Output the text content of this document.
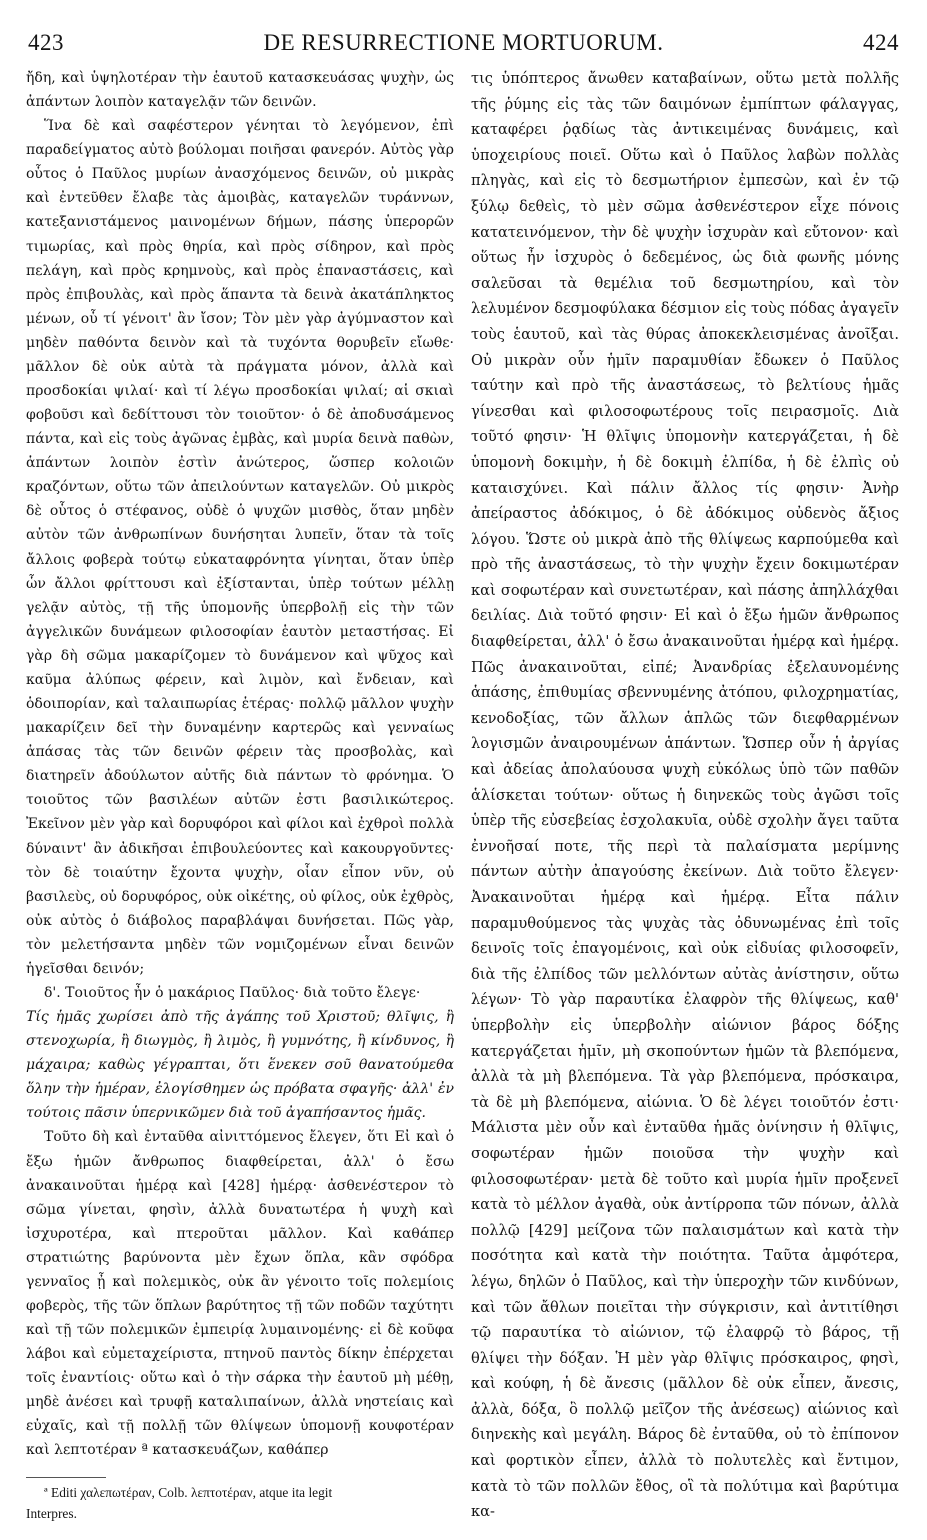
423	DE RESURRECTIONE MORTUORUM.	424

ἤδη, καὶ ὑψηλοτέραν τὴν ἑαυτοῦ κατασκευάσας ψυχὴν, ὡς ἁπάντων λοιπὸν καταγελᾷν τῶν δεινῶν.

Ἵνα δὲ καὶ σαφέστερον γένηται τὸ λεγόμενον, ἐπὶ παραδείγματος αὐτὸ βούλομαι ποιῆσαι φανερόν. Αὐτὸς γὰρ οὗτος ὁ Παῦλος μυρίων ἀνασχόμενος δεινῶν, οὐ μικρὰς καὶ ἐντεῦθεν ἔλαβε τὰς ἀμοιβὰς, καταγελῶν τυράννων, κατεξανιστάμενος μαινομένων δήμων, πάσης ὑπερορῶν τιμωρίας, καὶ πρὸς θηρία, καὶ πρὸς σίδηρον, καὶ πρὸς πελάγη, καὶ πρὸς κρημνοὺς, καὶ πρὸς ἐπαναστάσεις, καὶ πρὸς ἐπιβουλὰς, καὶ πρὸς ἅπαντα τὰ δεινὰ ἀκατάπληκτος μένων, οὗ τί γένοιτ' ἂν ἴσον; Τὸν μὲν γὰρ ἀγύμναστον καὶ μηδὲν παθόντα δεινὸν καὶ τὰ τυχόντα θορυβεῖν εἴωθε· μᾶλλον δὲ οὐκ αὐτὰ τὰ πράγματα μόνον, ἀλλὰ καὶ προσδοκίαι ψιλαί· καὶ τί λέγω προσδοκίαι ψιλαί; αἱ σκιαὶ φοβοῦσι καὶ δεδίττουσι τὸν τοιοῦτον· ὁ δὲ ἀποδυσάμενος πάντα, καὶ εἰς τοὺς ἀγῶνας ἐμβὰς, καὶ μυρία δεινὰ παθὼν, ἁπάντων λοιπὸν ἐστὶν ἀνώτερος, ὥσπερ κολοιῶν κραζόντων, οὕτω τῶν ἀπειλούντων καταγελῶν. Οὐ μικρὸς δὲ οὗτος ὁ στέφανος, οὐδὲ ὁ ψυχῶν μισθὸς, ὅταν μηδὲν αὐτὸν τῶν ἀνθρωπίνων δυνήσηται λυπεῖν, ὅταν τὰ τοῖς ἄλλοις φοβερὰ τούτῳ εὐκαταφρόνητα γίνηται, ὅταν ὑπὲρ ὧν ἄλλοι φρίττουσι καὶ ἐξίστανται, ὑπὲρ τούτων μέλλῃ γελᾷν αὐτὸς, τῇ τῆς ὑπομονῆς ὑπερβολῇ εἰς τὴν τῶν ἀγγελικῶν δυνάμεων φιλοσοφίαν ἑαυτὸν μεταστήσας. Εἰ γὰρ δὴ σῶμα μακαρίζομεν τὸ δυνάμενον καὶ ψῦχος καὶ καῦμα ἀλύπως φέρειν, καὶ λιμὸν, καὶ ἔνδειαν, καὶ ὁδοιπορίαν, καὶ ταλαιπωρίας ἑτέρας· πολλῷ μᾶλλον ψυχὴν μακαρίζειν δεῖ τὴν δυναμένην καρτερῶς καὶ γενναίως ἁπάσας τὰς τῶν δεινῶν φέρειν τὰς προσβολὰς, καὶ διατηρεῖν ἀδούλωτον αὐτῆς διὰ πάντων τὸ φρόνημα. Ὁ τοιοῦτος τῶν βασιλέων αὐτῶν ἐστι βασιλικώτερος. Ἐκεῖνον μὲν γὰρ καὶ δορυφόροι καὶ φίλοι καὶ ἐχθροὶ πολλὰ δύναιντ' ἂν ἀδικῆσαι ἐπιβουλεύοντες καὶ κακουργοῦντες· τὸν δὲ τοιαύτην ἔχοντα ψυχὴν, οἷαν εἶπον νῦν, οὐ βασιλεὺς, οὐ δορυφόρος, οὐκ οἰκέτης, οὐ φίλος, οὐκ ἐχθρὸς, οὐκ αὐτὸς ὁ διάβολος παραβλάψαι δυνήσεται. Πῶς γὰρ, τὸν μελετήσαντα μηδὲν τῶν νομιζομένων εἶναι δεινῶν ἡγεῖσθαι δεινόν;

δ'. Τοιοῦτος ἦν ὁ μακάριος Παῦλος· διὰ τοῦτο ἔλεγε·

Τίς ἡμᾶς χωρίσει ἀπὸ τῆς ἀγάπης τοῦ Χριστοῦ; θλῖψις, ἢ στενοχωρία, ἢ διωγμὸς, ἢ λιμὸς, ἢ γυμνότης, ἢ κίνδυνος, ἢ μάχαιρα; καθὼς γέγραπται, ὅτι ἕνεκεν σοῦ θανατούμεθα ὅλην τὴν ἡμέραν, ἐλογίσθημεν ὡς πρόβατα σφαγῆς· ἀλλ' ἐν τούτοις πᾶσιν ὑπερνικῶμεν διὰ τοῦ ἀγαπήσαντος ἡμᾶς.

Τοῦτο δὴ καὶ ἐνταῦθα αἰνιττόμενος ἔλεγεν, ὅτι Εἰ καὶ ὁ ἔξω ἡμῶν ἄνθρωπος διαφθείρεται, ἀλλ' ὁ ἔσω ἀνακαινοῦται ἡμέρᾳ καὶ [428] ἡμέρᾳ· ἀσθενέστερον τὸ σῶμα γίνεται, φησὶν, ἀλλὰ δυνατωτέρα ἡ ψυχὴ καὶ ἰσχυροτέρα, καὶ πτεροῦται μᾶλλον. Καὶ καθάπερ στρατιώτης βαρύνοντα μὲν ἔχων ὅπλα, κἂν σφόδρα γενναῖος ᾖ καὶ πολεμικὸς, οὐκ ἂν γένοιτο τοῖς πολεμίοις φοβερὸς, τῆς τῶν ὅπλων βαρύτητος τῇ τῶν ποδῶν ταχύτητι καὶ τῇ τῶν πολεμικῶν ἐμπειρίᾳ λυμαινομένης· εἰ δὲ κοῦφα λάβοι καὶ εὐμεταχείριστα, πτηνοῦ παντὸς δίκην ἐπέρχεται τοῖς ἐναντίοις· οὕτω καὶ ὁ τὴν σάρκα τὴν ἑαυτοῦ μὴ μέθῃ, μηδὲ ἀνέσει καὶ τρυφῇ καταλιπαίνων, ἀλλὰ νηστείαις καὶ εὐχαῖς, καὶ τῇ πολλῇ τῶν θλίψεων ὑπομονῇ κουφοτέραν καὶ λεπτοτέραν ª κατασκευάζων, καθάπερ

τις ὑπόπτερος ἄνωθεν καταβαίνων, οὕτω μετὰ πολλῆς τῆς ῥύμης εἰς τὰς τῶν δαιμόνων ἐμπίπτων φάλαγγας, καταφέρει ῥᾳδίως τὰς ἀντικειμένας δυνάμεις, καὶ ὑποχειρίους ποιεῖ. Οὕτω καὶ ὁ Παῦλος λαβὼν πολλὰς πληγὰς, καὶ εἰς τὸ δεσμωτήριον ἐμπεσὼν, καὶ ἐν τῷ ξύλῳ δεθεὶς, τὸ μὲν σῶμα ἀσθενέστερον εἶχε πόνοις κατατεινόμενον, τὴν δὲ ψυχὴν ἰσχυρὰν καὶ εὔτονον· καὶ οὕτως ἦν ἰσχυρὸς ὁ δεδεμένος, ὡς διὰ φωνῆς μόνης σαλεῦσαι τὰ θεμέλια τοῦ δεσμωτηρίου, καὶ τὸν λελυμένον δεσμοφύλακα δέσμιον εἰς τοὺς πόδας ἀγαγεῖν τοὺς ἑαυτοῦ, καὶ τὰς θύρας ἀποκεκλεισμένας ἀνοῖξαι. Οὐ μικρὰν οὖν ἡμῖν παραμυθίαν ἔδωκεν ὁ Παῦλος ταύτην καὶ πρὸ τῆς ἀναστάσεως, τὸ βελτίους ἡμᾶς γίνεσθαι καὶ φιλοσοφωτέρους τοῖς πειρασμοῖς. Διὰ τοῦτό φησιν· Ἡ θλῖψις ὑπομονὴν κατεργάζεται, ἡ δὲ ὑπομονὴ δοκιμὴν, ἡ δὲ δοκιμὴ ἐλπίδα, ἡ δὲ ἐλπὶς οὐ καταισχύνει. Καὶ πάλιν ἄλλος τίς φησιν· Ἀνὴρ ἀπείραστος ἀδόκιμος, ὁ δὲ ἀδόκιμος οὐδενὸς ἄξιος λόγου. Ὥστε οὐ μικρὰ ἀπὸ τῆς θλίψεως καρπούμεθα καὶ πρὸ τῆς ἀναστάσεως, τὸ τὴν ψυχὴν ἔχειν δοκιμωτέραν καὶ σοφωτέραν καὶ συνετωτέραν, καὶ πάσης ἀπηλλάχθαι δειλίας. Διὰ τοῦτό φησιν· Εἰ καὶ ὁ ἔξω ἡμῶν ἄνθρωπος διαφθείρεται, ἀλλ' ὁ ἔσω ἀνακαινοῦται ἡμέρᾳ καὶ ἡμέρᾳ. Πῶς ἀνακαινοῦται, εἰπέ; Ἀνανδρίας ἐξελαυνομένης ἁπάσης, ἐπιθυμίας σβεννυμένης ἀτόπου, φιλοχρηματίας, κενοδοξίας, τῶν ἄλλων ἁπλῶς τῶν διεφθαρμένων λογισμῶν ἀναιρουμένων ἁπάντων. Ὥσπερ οὖν ἡ ἀργίας καὶ ἀδείας ἀπολαύουσα ψυχὴ εὐκόλως ὑπὸ τῶν παθῶν ἁλίσκεται τούτων· οὕτως ἡ διηνεκῶς τοὺς ἀγῶσι τοῖς ὑπὲρ τῆς εὐσεβείας ἐσχολακυῖα, οὐδὲ σχολὴν ἄγει ταῦτα ἐννοῆσαί ποτε, τῆς περὶ τὰ παλαίσματα μερίμνης πάντων αὐτὴν ἀπαγούσης ἐκείνων. Διὰ τοῦτο ἔλεγεν· Ἀνακαινοῦται ἡμέρᾳ καὶ ἡμέρᾳ. Εἶτα πάλιν παραμυθούμενος τὰς ψυχὰς τὰς ὀδυνωμένας ἐπὶ τοῖς δεινοῖς τοῖς ἐπαγομένοις, καὶ οὐκ εἰδυίας φιλοσοφεῖν, διὰ τῆς ἐλπίδος τῶν μελλόντων αὐτὰς ἀνίστησιν, οὕτω λέγων· Τὸ γὰρ παραυτίκα ἐλαφρὸν τῆς θλίψεως, καθ' ὑπερβολὴν εἰς ὑπερβολὴν αἰώνιον βάρος δόξης κατεργάζεται ἡμῖν, μὴ σκοπούντων ἡμῶν τὰ βλεπόμενα, ἀλλὰ τὰ μὴ βλεπόμενα. Τὰ γὰρ βλεπόμενα, πρόσκαιρα, τὰ δὲ μὴ βλεπόμενα, αἰώνια. Ὁ δὲ λέγει τοιοῦτόν ἐστι· Μάλιστα μὲν οὖν καὶ ἐνταῦθα ἡμᾶς ὀνίνησιν ἡ θλῖψις, σοφωτέραν ἡμῶν ποιοῦσα τὴν ψυχὴν καὶ φιλοσοφωτέραν· μετὰ δὲ τοῦτο καὶ μυρία ἡμῖν προξενεῖ κατὰ τὸ μέλλον ἀγαθὰ, οὐκ ἀντίρροπα τῶν πόνων, ἀλλὰ πολλῷ [429] μείζονα τῶν παλαισμάτων καὶ κατὰ τὴν ποσότητα καὶ κατὰ τὴν ποιότητα. Ταῦτα ἀμφότερα, λέγω, δηλῶν ὁ Παῦλος, καὶ τὴν ὑπεροχὴν τῶν κινδύνων, καὶ τῶν ἄθλων ποιεῖται τὴν σύγκρισιν, καὶ ἀντιτίθησι τῷ παραυτίκα τὸ αἰώνιον, τῷ ἐλαφρῷ τὸ βάρος, τῇ θλίψει τὴν δόξαν. Ἡ μὲν γὰρ θλῖψις πρόσκαιρος, φησὶ, καὶ κούφη, ἡ δὲ ἄνεσις (μᾶλλον δὲ οὐκ εἶπεν, ἄνεσις, ἀλλὰ, δόξα, ὃ πολλῷ μεῖζον τῆς ἀνέσεως) αἰώνιος καὶ διηνεκὴς καὶ μεγάλη. Βάρος δὲ ἐνταῦθα, οὐ τὸ ἐπίπονον καὶ φορτικὸν εἶπεν, ἀλλὰ τὸ πολυτελὲς καὶ ἔντιμον, κατὰ τὸ τῶν πολλῶν ἔθος, οἳ τὰ πολύτιμα καὶ βαρύτιμα κα-

ª Editi χαλεπωτέραν, Colb. λεπτοτέραν, atque ita legit
Interpres.
